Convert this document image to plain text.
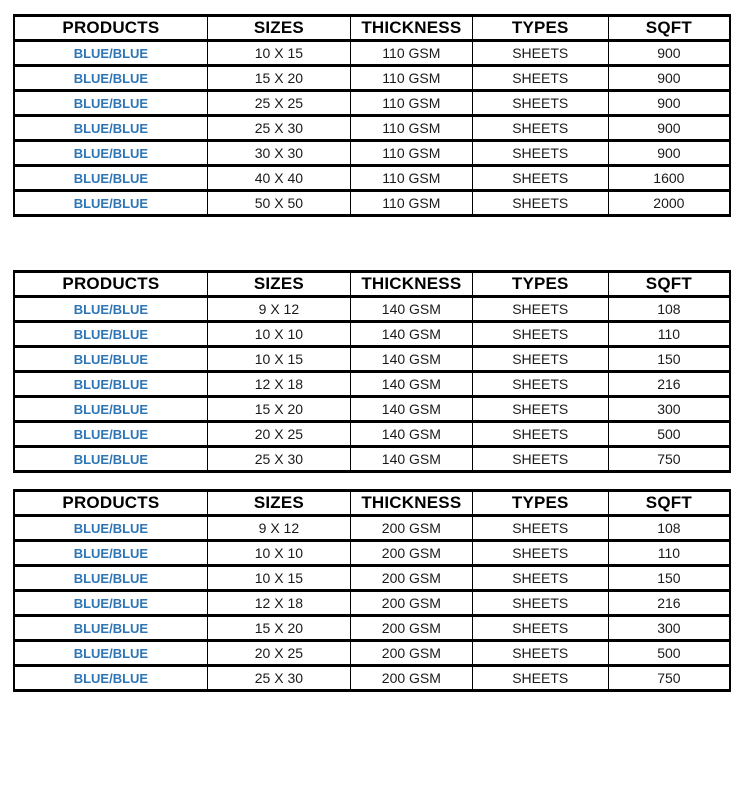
PRODUCTS	SIZES	THICKNESS	TYPES	SQFT
BLUE/BLUE	10 X 15	110 GSM	SHEETS	900
BLUE/BLUE	15 X 20	110 GSM	SHEETS	900
BLUE/BLUE	25 X 25	110 GSM	SHEETS	900
BLUE/BLUE	25 X 30	110 GSM	SHEETS	900
BLUE/BLUE	30 X 30	110 GSM	SHEETS	900
BLUE/BLUE	40 X 40	110 GSM	SHEETS	1600
BLUE/BLUE	50 X 50	110 GSM	SHEETS	2000
PRODUCTS	SIZES	THICKNESS	TYPES	SQFT
BLUE/BLUE	9 X 12	140 GSM	SHEETS	108
BLUE/BLUE	10 X 10	140 GSM	SHEETS	110
BLUE/BLUE	10 X 15	140 GSM	SHEETS	150
BLUE/BLUE	12 X 18	140 GSM	SHEETS	216
BLUE/BLUE	15 X 20	140 GSM	SHEETS	300
BLUE/BLUE	20 X 25	140 GSM	SHEETS	500
BLUE/BLUE	25 X 30	140 GSM	SHEETS	750
PRODUCTS	SIZES	THICKNESS	TYPES	SQFT
BLUE/BLUE	9 X 12	200 GSM	SHEETS	108
BLUE/BLUE	10 X 10	200 GSM	SHEETS	110
BLUE/BLUE	10 X 15	200 GSM	SHEETS	150
BLUE/BLUE	12 X 18	200 GSM	SHEETS	216
BLUE/BLUE	15 X 20	200 GSM	SHEETS	300
BLUE/BLUE	20 X 25	200 GSM	SHEETS	500
BLUE/BLUE	25 X 30	200 GSM	SHEETS	750
